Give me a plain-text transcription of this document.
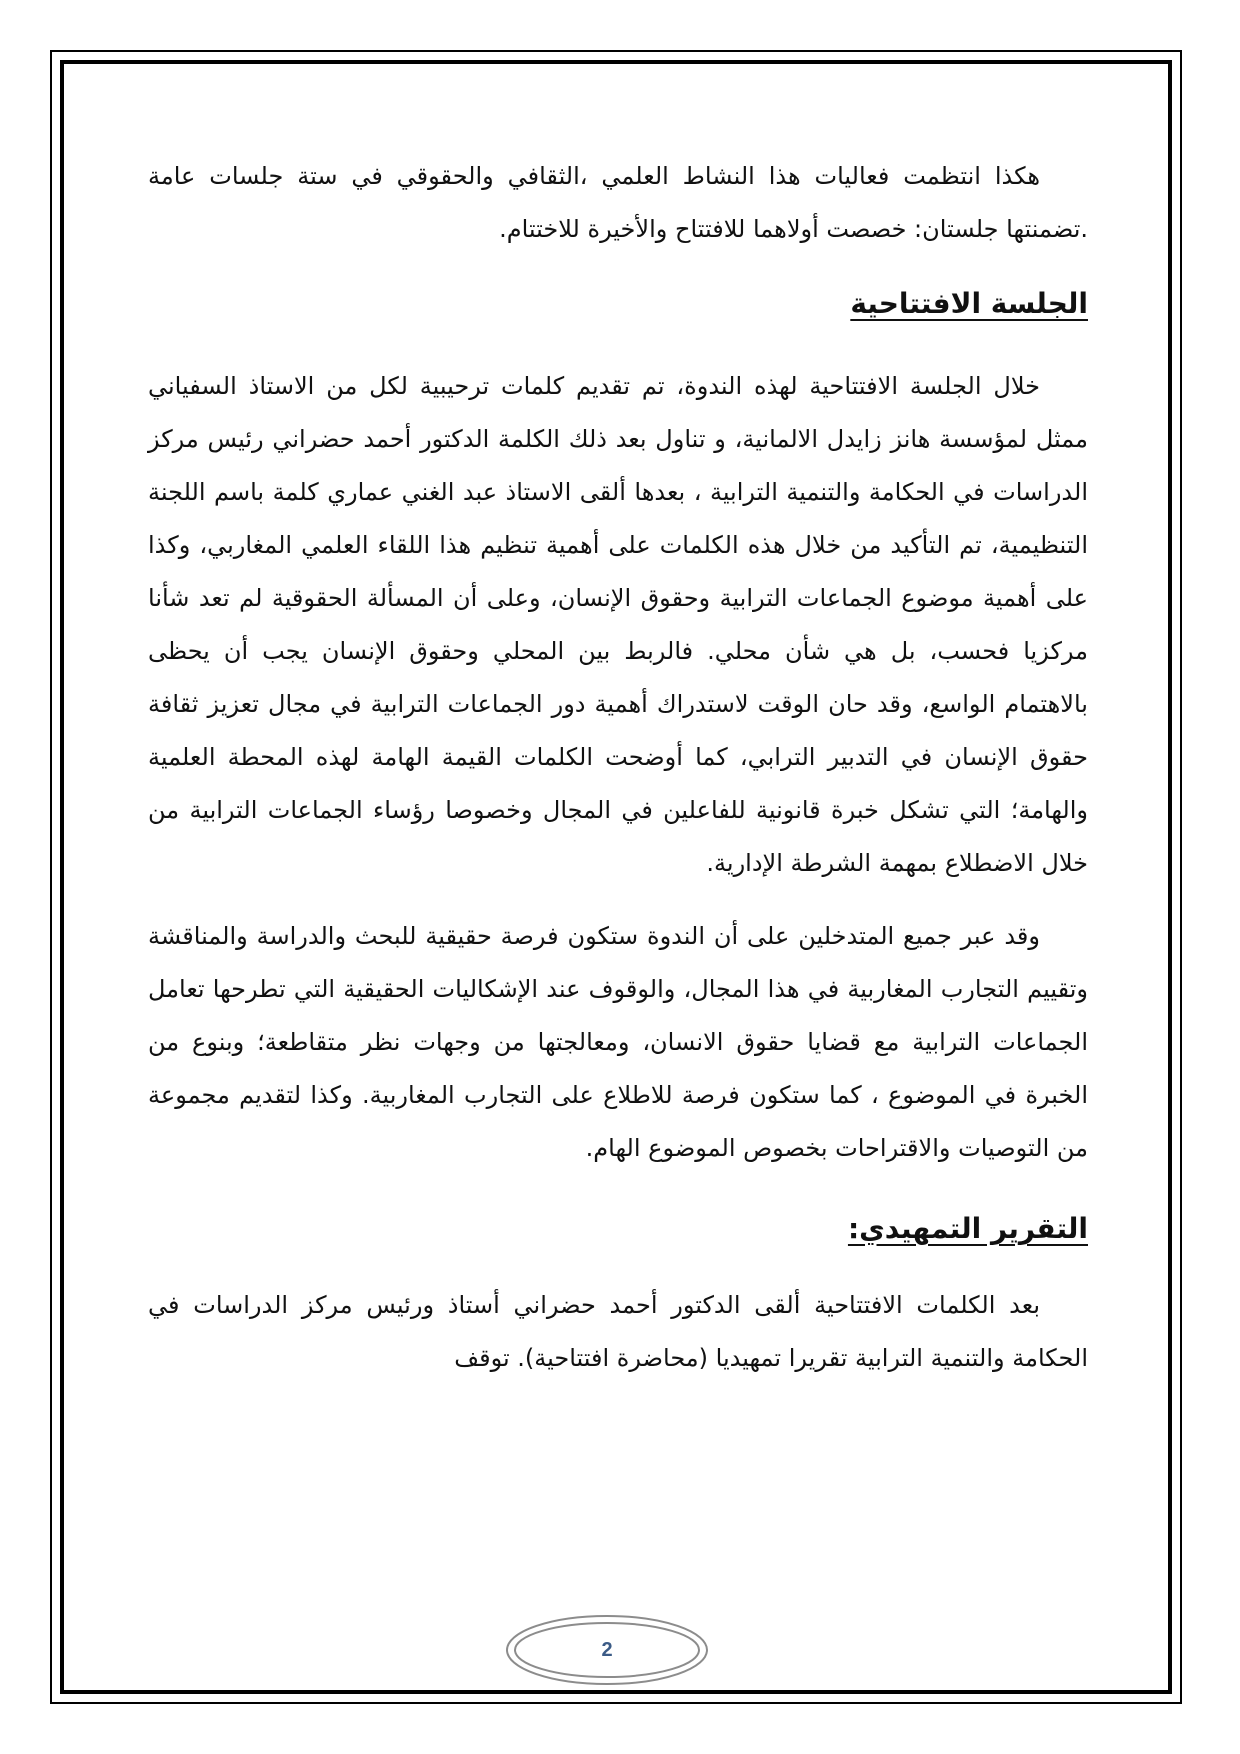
هكذا انتظمت فعاليات هذا النشاط العلمي ،الثقافي والحقوقي في ستة جلسات عامة .تضمنتها جلستان: خصصت أولاهما للافتتاح والأخيرة للاختتام.

الجلسة الافتتاحية

خلال الجلسة الافتتاحية لهذه الندوة، تم تقديم كلمات ترحيبية لكل من الاستاذ السفياني ممثل لمؤسسة هانز زايدل الالمانية، و تناول بعد ذلك الكلمة الدكتور أحمد حضراني رئيس مركز الدراسات في الحكامة والتنمية الترابية ، بعدها ألقى الاستاذ عبد الغني عماري كلمة باسم اللجنة التنظيمية، تم التأكيد من خلال هذه الكلمات على أهمية تنظيم هذا اللقاء العلمي المغاربي، وكذا على أهمية موضوع الجماعات الترابية وحقوق الإنسان، وعلى أن المسألة الحقوقية لم تعد شأنا مركزيا فحسب، بل هي شأن محلي. فالربط بين المحلي وحقوق الإنسان يجب أن يحظى بالاهتمام الواسع، وقد حان الوقت لاستدراك أهمية دور الجماعات الترابية في مجال تعزيز ثقافة حقوق الإنسان في التدبير الترابي، كما أوضحت الكلمات القيمة الهامة لهذه المحطة العلمية والهامة؛ التي تشكل خبرة قانونية للفاعلين في المجال وخصوصا رؤساء الجماعات الترابية من خلال الاضطلاع بمهمة الشرطة الإدارية.

وقد عبر جميع المتدخلين على أن الندوة ستكون فرصة حقيقية للبحث والدراسة والمناقشة وتقييم التجارب المغاربية في هذا المجال، والوقوف عند الإشكاليات الحقيقية التي تطرحها تعامل الجماعات الترابية مع قضايا حقوق الانسان، ومعالجتها من وجهات نظر متقاطعة؛ وبنوع من الخبرة في الموضوع ، كما ستكون فرصة للاطلاع على التجارب المغاربية. وكذا لتقديم مجموعة من التوصيات والاقتراحات بخصوص الموضوع الهام.

التقرير التمهيدي:

بعد الكلمات الافتتاحية ألقى الدكتور أحمد حضراني أستاذ ورئيس مركز الدراسات في الحكامة والتنمية الترابية تقريرا تمهيديا (محاضرة افتتاحية). توقف

2
